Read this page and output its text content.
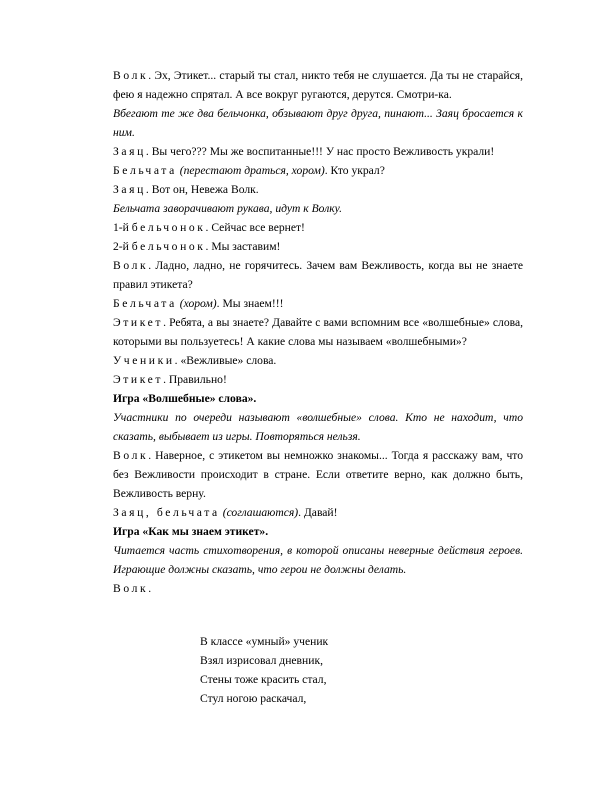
Волк. Эх, Этикет... старый ты стал, никто тебя не слушается. Да ты не старайся, фею я надежно спрятал. А все вокруг ругаются, дерутся. Смотри-ка.

Вбегают те же два бельчонка, обзывают друг друга, пинают... Заяц бросается к ним.

Заяц. Вы чего??? Мы же воспитанные!!! У нас просто Вежливость украли!

Бельчата (перестают драться, хором). Кто украл?

Заяц. Вот он, Невежа Волк.

Бельчата заворачивают рукава, идут к Волку.

1-й бельчонок. Сейчас все вернет!

2-й бельчонок. Мы заставим!

Волк. Ладно, ладно, не горячитесь. Зачем вам Вежливость, когда вы не знаете правил этикета?

Бельчата (хором). Мы знаем!!!

Этикет. Ребята, а вы знаете? Давайте с вами вспомним все «волшебные» слова, которыми вы пользуетесь! А какие слова мы называем «волшебными»?

Ученики. «Вежливые» слова.

Этикет. Правильно!

Игра «Волшебные» слова».

Участники по очереди называют «волшебные» слова. Кто не находит, что сказать, выбывает из игры. Повторяться нельзя.

Волк. Наверное, с этикетом вы немножко знакомы... Тогда я расскажу вам, что без Вежливости происходит в стране. Если ответите верно, как должно быть, Вежливость верну.

Заяц, бельчата (соглашаются). Давай!

Игра «Как мы знаем этикет».

Читается часть стихотворения, в которой описаны неверные действия героев. Играющие должны сказать, что герои не должны делать.

Волк.

В классе «умный» ученик
Взял изрисовал дневник,
Стены тоже красить стал,
Стул ногою раскачал,
